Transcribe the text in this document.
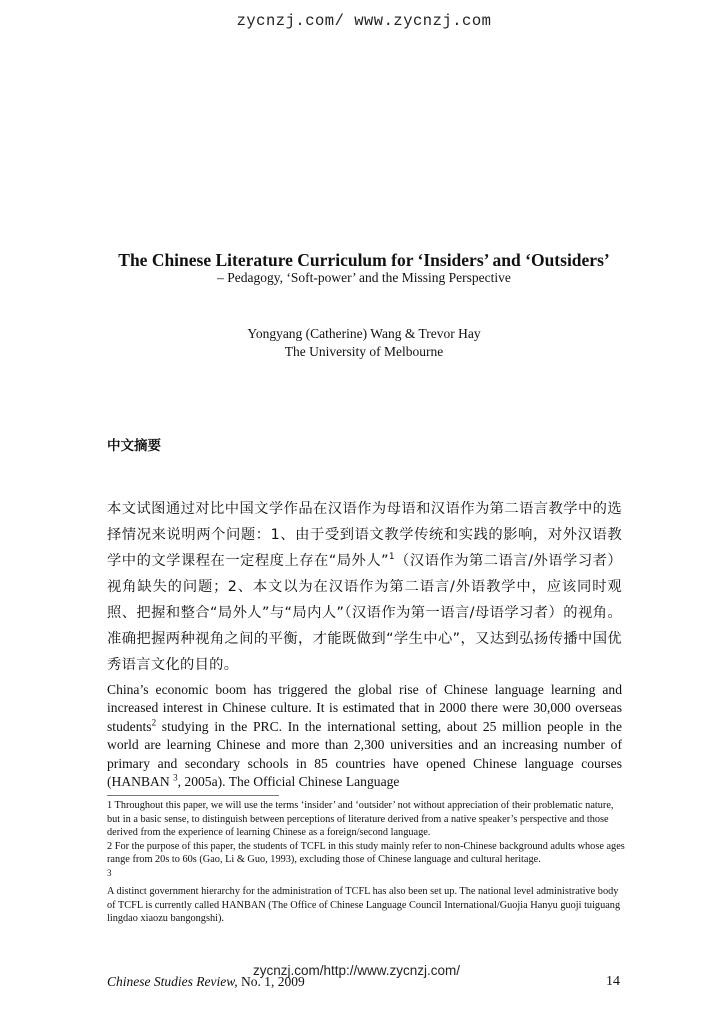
zycnzj.com/ www.zycnzj.com
The Chinese Literature Curriculum for ‘Insiders’ and ‘Outsiders’
– Pedagogy, ‘Soft-power’ and the Missing Perspective
Yongyang (Catherine) Wang & Trevor Hay
The University of Melbourne
中文摘要
本文试图通过对比中国文学作品在汉语作为母语和汉语作为第二语言教学中的选择情况来说明两个问题：1、由于受到语文教学传统和实践的影响，对外汉语教学中的文学课程在一定程度上存在“局外人”$^1$（汉语作为第二语言/外语学习者）视角缺失的问题；2、本文以为在汉语作为第二语言/外语教学中，应该同时观照、把握和整合“局外人”与“局内人”（汉语作为第一语言/母语学习者）的视角。准确把握两种视角之间的平衡，才能既做到“学生中心”，又达到弘扬传播中国优秀语言文化的目的。
China’s economic boom has triggered the global rise of Chinese language learning and increased interest in Chinese culture. It is estimated that in 2000 there were 30,000 overseas students$^2$ studying in the PRC. In the international setting, about 25 million people in the world are learning Chinese and more than 2,300 universities and an increasing number of primary and secondary schools in 85 countries have opened Chinese language courses (HANBAN $^3$, 2005a). The Official Chinese Language

1 Throughout this paper, we will use the terms ‘insider’ and ‘outsider’ not without appreciation of their problematic nature, but in a basic sense, to distinguish between perceptions of literature derived from a native speaker’s perspective and those derived from the experience of learning Chinese as a foreign/second language.

2 For the purpose of this paper, the students of TCFL in this study mainly refer to non-Chinese background adults whose ages range from 20s to 60s (Gao, Li & Guo, 1993), excluding those of Chinese language and cultural heritage.

$^3$
A distinct government hierarchy for the administration of TCFL has also been set up. The national level administrative body of TCFL is currently called HANBAN (The Office of Chinese Language Council International/Guojia Hanyu guoji tuiguang lingdao xiaozu bangongshi).

Chinese Studies Review, No. 1, 2009
zycnzj.com/http://www.zycnzj.com/
14
